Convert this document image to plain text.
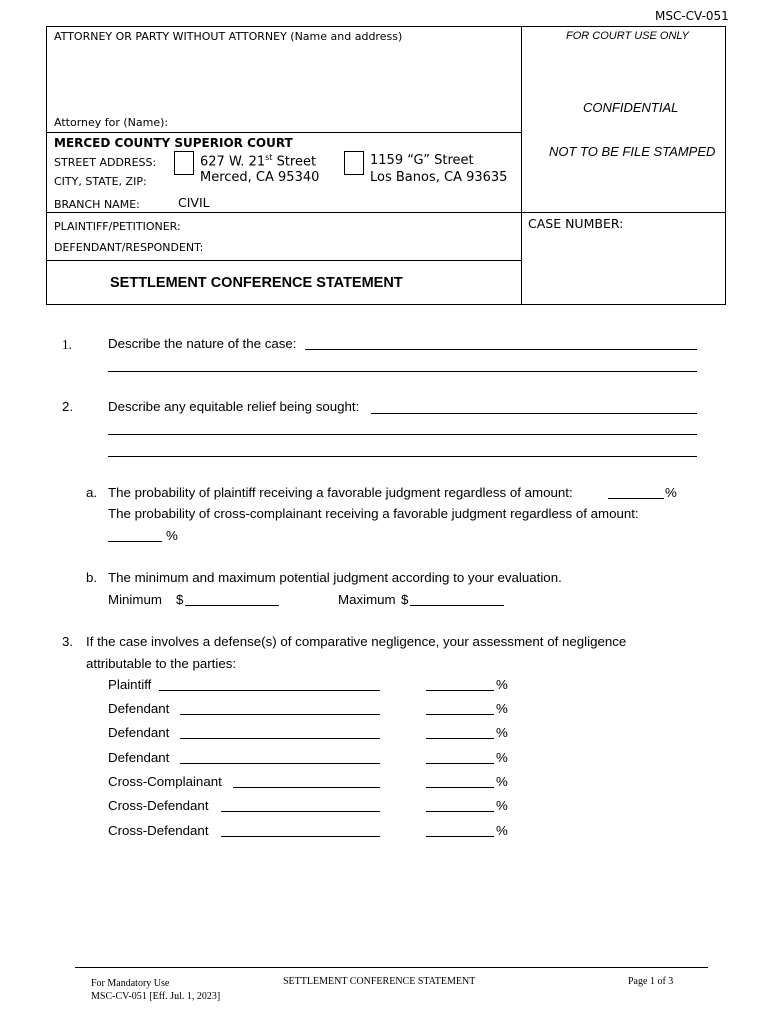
MSC-CV-051
ATTORNEY OR PARTY WITHOUT ATTORNEY (Name and address)
Attorney for (Name):
FOR COURT USE ONLY
CONFIDENTIAL
NOT TO BE FILE STAMPED
MERCED COUNTY SUPERIOR COURT
STREET ADDRESS:
CITY, STATE, ZIP:
BRANCH NAME:	CIVIL
627 W. 21st Street
Merced, CA 95340
1159 “G” Street
Los Banos, CA 93635
PLAINTIFF/PETITIONER:
DEFENDANT/RESPONDENT:
CASE NUMBER:
SETTLEMENT CONFERENCE STATEMENT
1.	Describe the nature of the case:
2.	Describe any equitable relief being sought:
a. The probability of plaintiff receiving a favorable judgment regardless of amount:	%
The probability of cross-complainant receiving a favorable judgment regardless of amount:
%
b. The minimum and maximum potential judgment according to your evaluation.
Minimum $	Maximum $
3. If the case involves a defense(s) of comparative negligence, your assessment of negligence
attributable to the parties:
Plaintiff	%
Defendant	%
Defendant	%
Defendant	%
Cross-Complainant	%
Cross-Defendant	%
Cross-Defendant	%
For Mandatory Use
MSC-CV-051 [Eff. Jul. 1, 2023]
SETTLEMENT CONFERENCE STATEMENT	Page 1 of 3
